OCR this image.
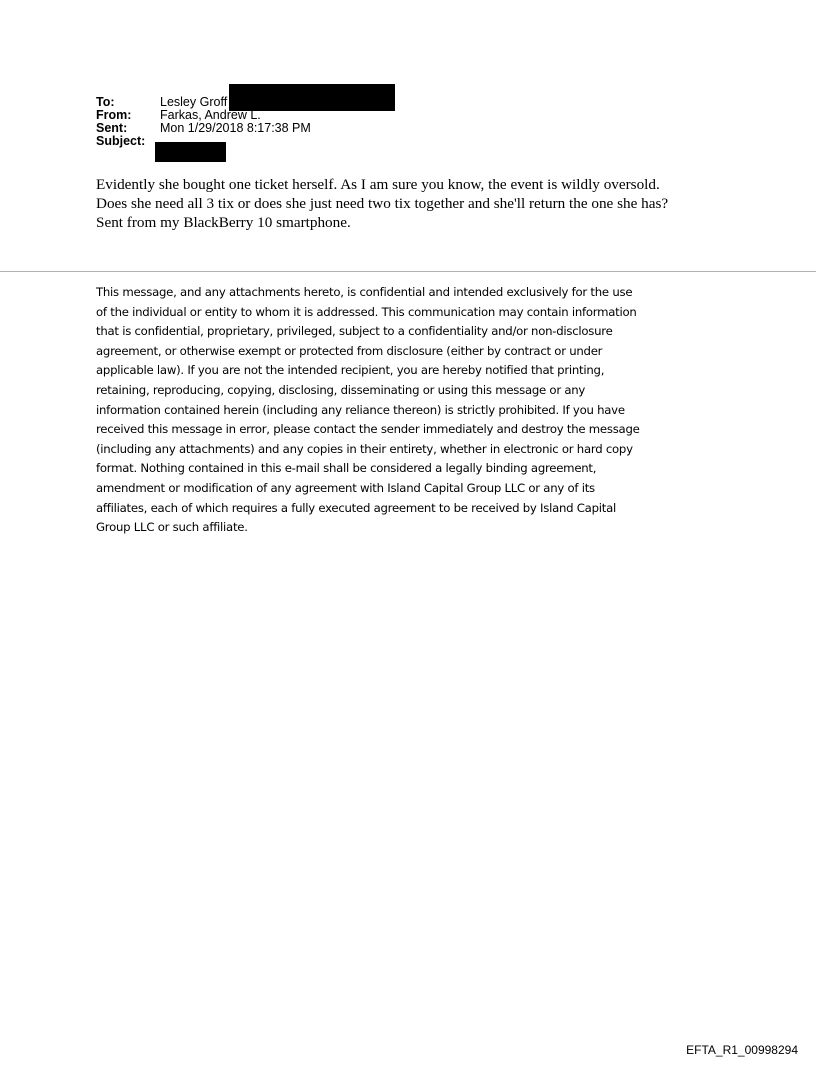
To:	Lesley Groff
From: Farkas, Andrew L.
Sent:	Mon 1/29/2018 8:17:38 PM
Subject:

Evidently she bought one ticket herself. As I am sure you know, the event is wildly oversold.

Does she need all 3 tix or does she just need two tix together and she'll return the one she has?

Sent from my BlackBerry 10 smartphone.

This message, and any attachments hereto, is confidential and intended exclusively for the use

of the individual or entity to whom it is addressed. This communication may contain information

that is confidential, proprietary, privileged, subject to a confidentiality and/or non-disclosure

agreement, or otherwise exempt or protected from disclosure (either by contract or under

applicable law). If you are not the intended recipient, you are hereby notified that printing,

retaining, reproducing, copying, disclosing, disseminating or using this message or any

information contained herein (including any reliance thereon) is strictly prohibited. If you have

received this message in error, please contact the sender immediately and destroy the message

(including any attachments) and any copies in their entirety, whether in electronic or hard copy

format. Nothing contained in this e-mail shall be considered a legally binding agreement,

amendment or modification of any agreement with Island Capital Group LLC or any of its

affiliates, each of which requires a fully executed agreement to be received by Island Capital

Group LLC or such affiliate.

EFTA_R1_00998294
